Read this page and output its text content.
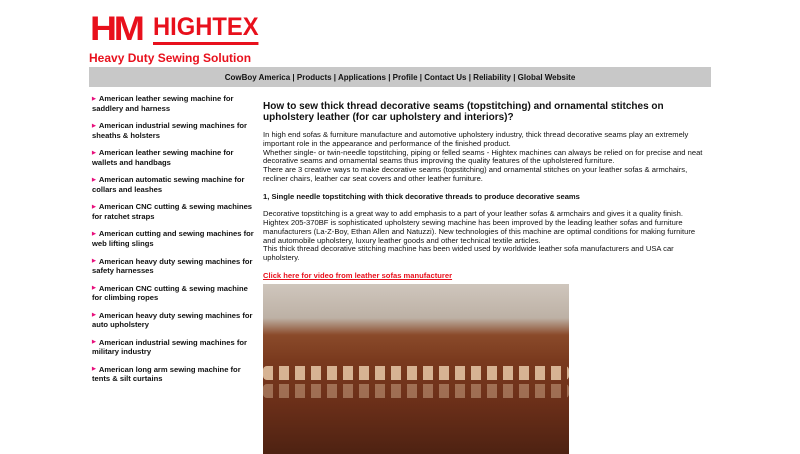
HM HIGHTEX
Heavy Duty Sewing Solution
CowBoy America | Products | Applications | Profile | Contact Us | Reliability | Global Website
▶ American leather sewing machine for saddlery and harness
▶ American industrial sewing machines for sheaths & holsters
▶ American leather sewing machine for wallets and handbags
▶ American automatic sewing machine for collars and leashes
▶ American CNC cutting & sewing machines for ratchet straps
▶ American cutting and sewing machines for web lifting slings
▶ American heavy duty sewing machines for safety harnesses
▶ American CNC cutting & sewing machine for climbing ropes
▶ American heavy duty sewing machines for auto upholstery
▶ American industrial sewing machines for military industry
▶ American long arm sewing machine for tents & silt curtains
How to sew thick thread decorative seams (topstitching) and ornamental stitches on upholstery leather (for car upholstery and interiors)?

In high end sofas & furniture manufacture and automotive upholstery industry, thick thread decorative seams play an extremely important role in the appearance and performance of the finished product.
Whether single- or twin-needle topstitching, piping or felled seams - Hightex machines can always be relied on for precise and neat decorative seams and ornamental seams thus improving the quality features of the upholstered furniture.
There are 3 creative ways to make decorative seams (topstitching) and ornamental stitches on your leather sofas & armchairs, recliner chairs, leather car seat covers and other leather furniture.

1, Single needle topstitching with thick decorative threads to produce decorative seams

Decorative topstitching is a great way to add emphasis to a part of your leather sofas & armchairs and gives it a quality finish.
Hightex 205-370BF is sophisticated upholstery sewing machine has been improved by the leading leather sofas and furniture manufacturers (La-Z-Boy, Ethan Allen and Natuzzi). New technologies of this machine are optimal conditions for making furniture and automobile upholstery, luxury leather goods and other technical textile articles.
This thick thread decorative stitching machine has been wided used by worldwide leather sofa manufacturers and USA car upholstery.

Click here for video from leather sofas manufacturer
